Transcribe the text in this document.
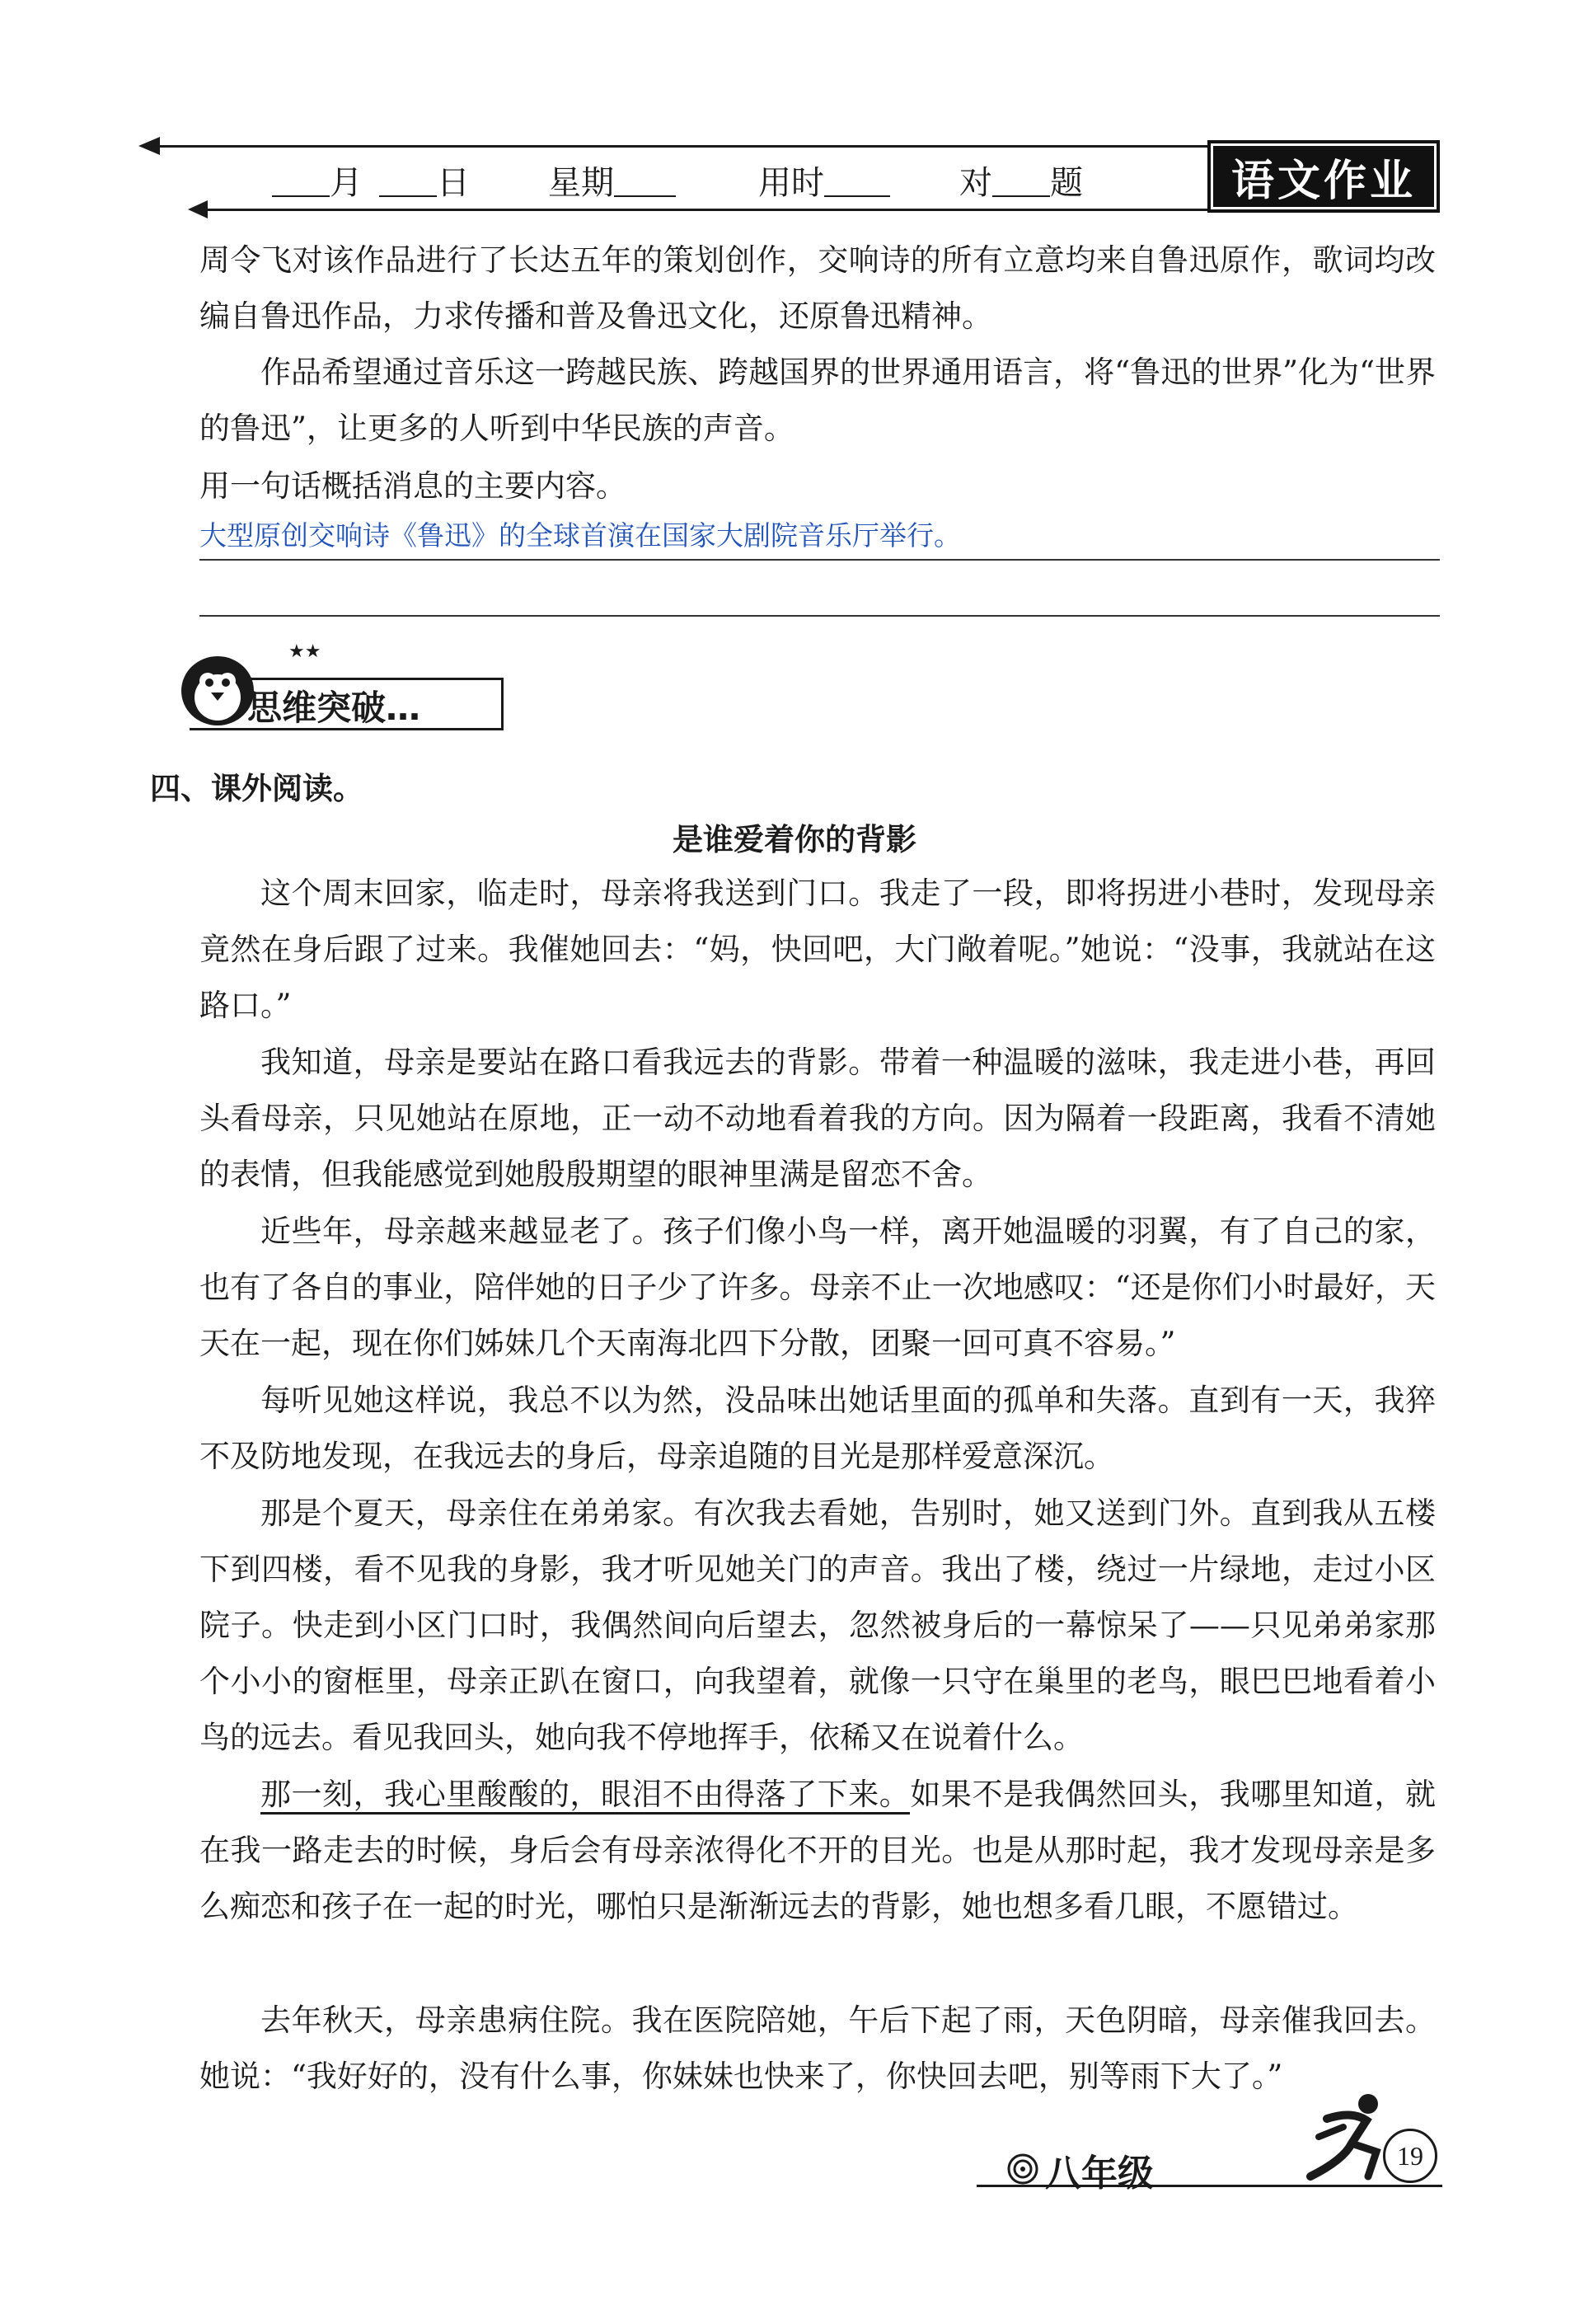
月	日 星期	用时	对 题	语文作业
周令飞对该作品进行了长达五年的策划创作，交响诗的所有立意均来自鲁迅原作，歌词均改编自鲁迅作品，力求传播和普及鲁迅文化，还原鲁迅精神。
作品希望通过音乐这一跨越民族、跨越国界的世界通用语言，将“鲁迅的世界”化为“世界的鲁迅”，让更多的人听到中华民族的声音。
用一句话概括消息的主要内容。
大型原创交响诗《鲁迅》的全球首演在国家大剧院音乐厅举行。
★★
思维突破…
四、课外阅读。
是谁爱着你的背影
这个周末回家，临走时，母亲将我送到门口。我走了一段，即将拐进小巷时，发现母亲竟然在身后跟了过来。我催她回去：“妈，快回吧，大门敞着呢。”她说：“没事，我就站在这路口。”
我知道，母亲是要站在路口看我远去的背影。带着一种温暖的滋味，我走进小巷，再回头看母亲，只见她站在原地，正一动不动地看着我的方向。因为隔着一段距离，我看不清她的表情，但我能感觉到她殷殷期望的眼神里满是留恋不舍。
近些年，母亲越来越显老了。孩子们像小鸟一样，离开她温暖的羽翼，有了自己的家，也有了各自的事业，陪伴她的日子少了许多。母亲不止一次地感叹：“还是你们小时最好，天天在一起，现在你们姊妹几个天南海北四下分散，团聚一回可真不容易。”
每听见她这样说，我总不以为然，没品味出她话里面的孤单和失落。直到有一天，我猝不及防地发现，在我远去的身后，母亲追随的目光是那样爱意深沉。
那是个夏天，母亲住在弟弟家。有次我去看她，告别时，她又送到门外。直到我从五楼下到四楼，看不见我的身影，我才听见她关门的声音。我出了楼，绕过一片绿地，走过小区院子。快走到小区门口时，我偶然间向后望去，忽然被身后的一幕惊呆了——只见弟弟家那个小小的窗框里，母亲正趴在窗口，向我望着，就像一只守在巢里的老鸟，眼巴巴地看着小鸟的远去。看见我回头，她向我不停地挥手，依稀又在说着什么。
那一刻，我心里酸酸的，眼泪不由得落了下来。如果不是我偶然回头，我哪里知道，就在我一路走去的时候，身后会有母亲浓得化不开的目光。也是从那时起，我才发现母亲是多么痴恋和孩子在一起的时光，哪怕只是渐渐远去的背影，她也想多看几眼，不愿错过。
去年秋天，母亲患病住院。我在医院陪她，午后下起了雨，天色阴暗，母亲催我回去。她说：“我好好的，没有什么事，你妹妹也快来了，你快回去吧，别等雨下大了。”
八年级	19
